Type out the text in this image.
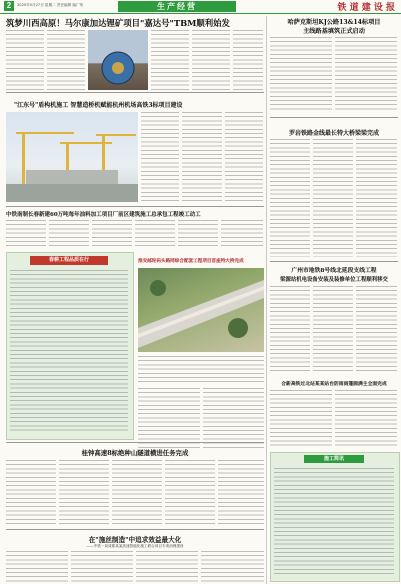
2	2025年5月27日 星期二 责任编辑 编广荣	生产经营	铁 道 建 设 报
筑梦川西高原！马尔康加达锂矿项目"嘉达号"TBM顺利始发	哈萨克斯坦KJ公路13&14标项目
主线路基填筑正式启动
"江东号"盾构机施工 智慧造桥机赋能杭州机场高铁3标项目建设
罗岩铁路金线最长特大桥梁梁完成
中铁南制长春新建60万吨每年油料加工项目厂前区建筑施工总承包工程竣工动工
春耕工程品质在行	淮安邮轮码头路网综合配套工程项目首座特大桥完成
广州市地铁8号线北延段支线工程
梁源站机电设备安装及装修单位工程顺利移交
合新高铁过北站某某站台防雨雨篷圆满主全面完成
施工简讯
桂钟高速8标绝种山隧道横进任务完成
在"施丝制造"中追求效益最大化
——中铁一局成都某某高速智能化施工联合项目专项治理建设
